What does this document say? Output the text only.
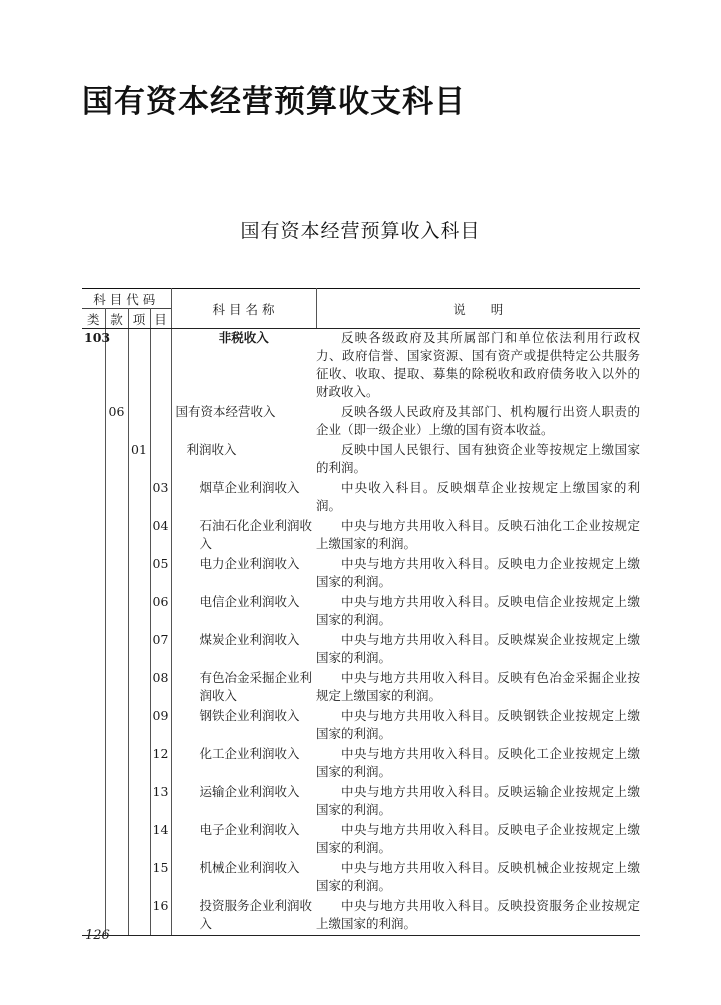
国有资本经营预算收支科目
国有资本经营预算收入科目
科目代码				科 目 名 称	说　　明
类	款	项	目		
103				非税收入	反映各级政府及其所属部门和单位依法利用行政权力、政府信誉、国家资源、国有资产或提供特定公共服务征收、收取、提取、募集的除税收和政府债务收入以外的财政收入。
	06			国有资本经营收入	反映各级人民政府及其部门、机构履行出资人职责的企业（即一级企业）上缴的国有资本收益。
		01		利润收入	反映中国人民银行、国有独资企业等按规定上缴国家的利润。
			03	烟草企业利润收入	中央收入科目。反映烟草企业按规定上缴国家的利润。
			04	石油石化企业利润收入	中央与地方共用收入科目。反映石油化工企业按规定上缴国家的利润。
			05	电力企业利润收入	中央与地方共用收入科目。反映电力企业按规定上缴国家的利润。
			06	电信企业利润收入	中央与地方共用收入科目。反映电信企业按规定上缴国家的利润。
			07	煤炭企业利润收入	中央与地方共用收入科目。反映煤炭企业按规定上缴国家的利润。
			08	有色冶金采掘企业利润收入	中央与地方共用收入科目。反映有色冶金采掘企业按规定上缴国家的利润。
			09	钢铁企业利润收入	中央与地方共用收入科目。反映钢铁企业按规定上缴国家的利润。
			12	化工企业利润收入	中央与地方共用收入科目。反映化工企业按规定上缴国家的利润。
			13	运输企业利润收入	中央与地方共用收入科目。反映运输企业按规定上缴国家的利润。
			14	电子企业利润收入	中央与地方共用收入科目。反映电子企业按规定上缴国家的利润。
			15	机械企业利润收入	中央与地方共用收入科目。反映机械企业按规定上缴国家的利润。
			16	投资服务企业利润收入	中央与地方共用收入科目。反映投资服务企业按规定上缴国家的利润。
126
